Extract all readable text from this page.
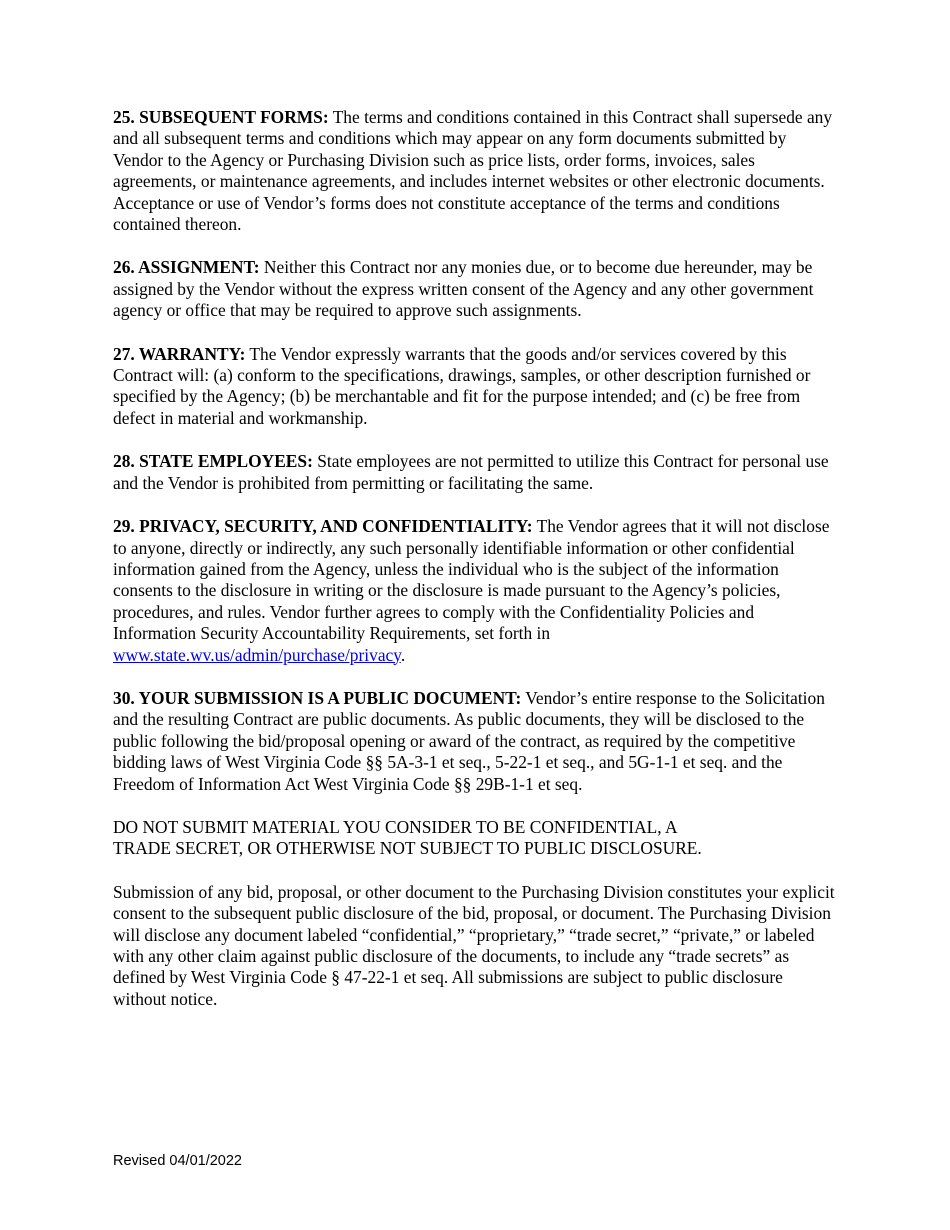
25. SUBSEQUENT FORMS: The terms and conditions contained in this Contract shall supersede any and all subsequent terms and conditions which may appear on any form documents submitted by Vendor to the Agency or Purchasing Division such as price lists, order forms, invoices, sales agreements, or maintenance agreements, and includes internet websites or other electronic documents. Acceptance or use of Vendor’s forms does not constitute acceptance of the terms and conditions contained thereon.

26. ASSIGNMENT: Neither this Contract nor any monies due, or to become due hereunder, may be assigned by the Vendor without the express written consent of the Agency and any other government agency or office that may be required to approve such assignments.

27. WARRANTY: The Vendor expressly warrants that the goods and/or services covered by this Contract will: (a) conform to the specifications, drawings, samples, or other description furnished or specified by the Agency; (b) be merchantable and fit for the purpose intended; and (c) be free from defect in material and workmanship.

28. STATE EMPLOYEES: State employees are not permitted to utilize this Contract for personal use and the Vendor is prohibited from permitting or facilitating the same.

29. PRIVACY, SECURITY, AND CONFIDENTIALITY: The Vendor agrees that it will not disclose to anyone, directly or indirectly, any such personally identifiable information or other confidential information gained from the Agency, unless the individual who is the subject of the information consents to the disclosure in writing or the disclosure is made pursuant to the Agency’s policies, procedures, and rules. Vendor further agrees to comply with the Confidentiality Policies and Information Security Accountability Requirements, set forth in www.state.wv.us/admin/purchase/privacy.

30. YOUR SUBMISSION IS A PUBLIC DOCUMENT: Vendor’s entire response to the Solicitation and the resulting Contract are public documents. As public documents, they will be disclosed to the public following the bid/proposal opening or award of the contract, as required by the competitive bidding laws of West Virginia Code §§ 5A-3-1 et seq., 5-22-1 et seq., and 5G-1-1 et seq. and the Freedom of Information Act West Virginia Code §§ 29B-1-1 et seq.

DO NOT SUBMIT MATERIAL YOU CONSIDER TO BE CONFIDENTIAL, A
TRADE SECRET, OR OTHERWISE NOT SUBJECT TO PUBLIC DISCLOSURE.

Submission of any bid, proposal, or other document to the Purchasing Division constitutes your explicit consent to the subsequent public disclosure of the bid, proposal, or document. The Purchasing Division will disclose any document labeled “confidential,” “proprietary,” “trade secret,” “private,” or labeled with any other claim against public disclosure of the documents, to include any “trade secrets” as defined by West Virginia Code § 47-22-1 et seq. All submissions are subject to public disclosure without notice.

Revised 04/01/2022
